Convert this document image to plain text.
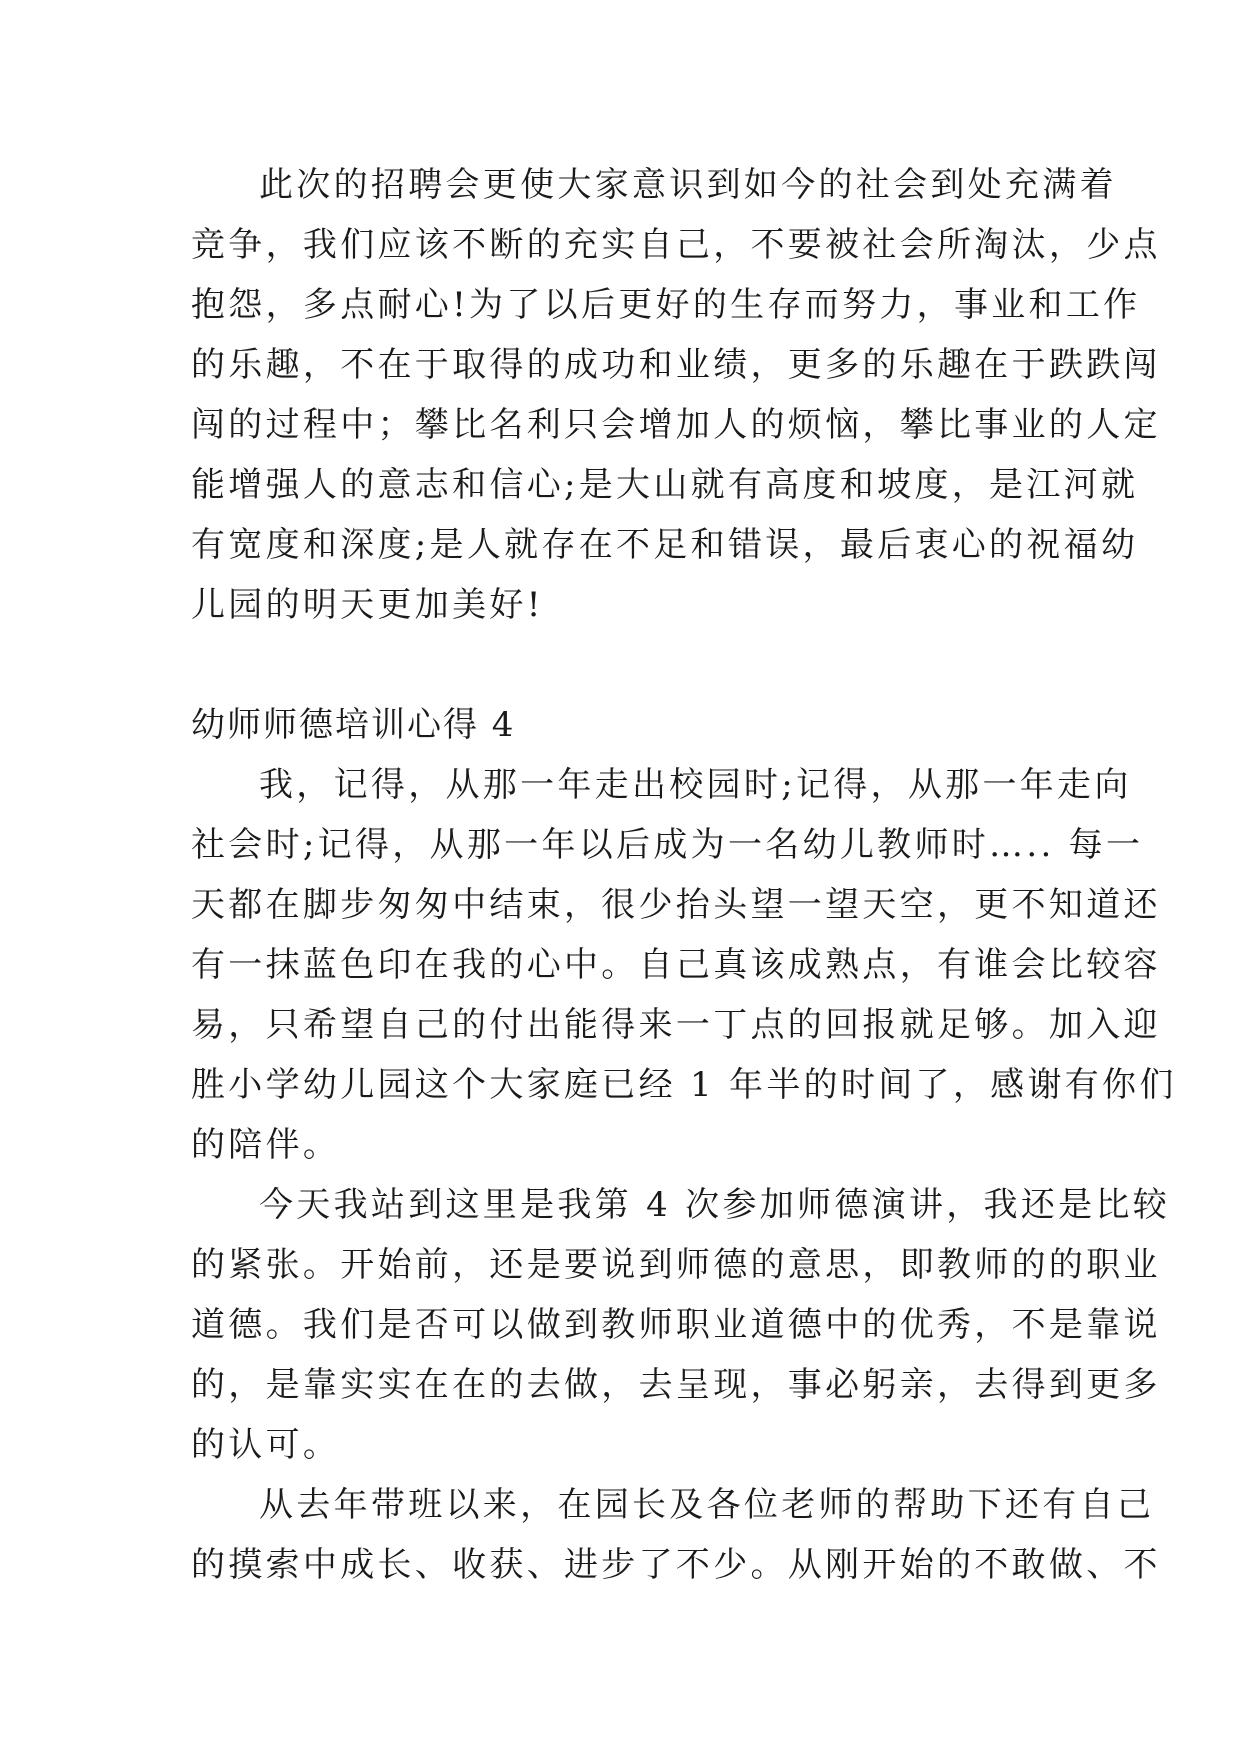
此次的招聘会更使大家意识到如今的社会到处充满着
竞争，我们应该不断的充实自己，不要被社会所淘汰，少点
抱怨，多点耐心!为了以后更好的生存而努力，事业和工作
的乐趣，不在于取得的成功和业绩，更多的乐趣在于跌跌闯
闯的过程中；攀比名利只会增加人的烦恼，攀比事业的人定
能增强人的意志和信心;是大山就有高度和坡度，是江河就
有宽度和深度;是人就存在不足和错误，最后衷心的祝福幼
儿园的明天更加美好!
幼师师德培训心得 4
我，记得，从那一年走出校园时;记得，从那一年走向
社会时;记得，从那一年以后成为一名幼儿教师时….. 每一
天都在脚步匆匆中结束，很少抬头望一望天空，更不知道还
有一抹蓝色印在我的心中。自己真该成熟点，有谁会比较容
易，只希望自己的付出能得来一丁点的回报就足够。加入迎
胜小学幼儿园这个大家庭已经 1 年半的时间了，感谢有你们
的陪伴。
今天我站到这里是我第 4 次参加师德演讲，我还是比较
的紧张。开始前，还是要说到师德的意思，即教师的的职业
道德。我们是否可以做到教师职业道德中的优秀，不是靠说
的，是靠实实在在的去做，去呈现，事必躬亲，去得到更多
的认可。
从去年带班以来，在园长及各位老师的帮助下还有自己
的摸索中成长、收获、进步了不少。从刚开始的不敢做、不
